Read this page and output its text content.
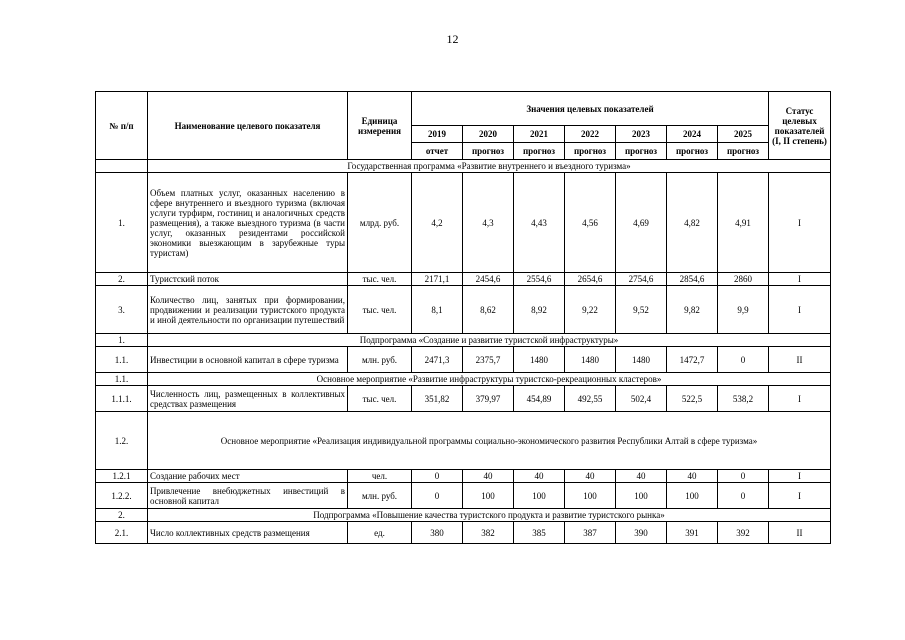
12
№ п/п	Наименование целевого показателя	Единица измерения	Значения целевых показателей							Статус целевых показателей (I, II степень)
			2019	2020	2021	2022	2023	2024	2025	
			отчет	прогноз	прогноз	прогноз	прогноз	прогноз	прогноз	
	Государственная программа «Развитие внутреннего и въездного туризма»									
1.	Объем платных услуг, оказанных населению в сфере внутреннего и въездного туризма (включая услуги турфирм, гостиниц и аналогичных средств размещения), а также выездного туризма (в части услуг, оказанных резидентами российской экономики выезжающим в зарубежные туры туристам)	млрд. руб.	4,2	4,3	4,43	4,56	4,69	4,82	4,91	I
2.	Туристский поток	тыс. чел.	2171,1	2454,6	2554,6	2654,6	2754,6	2854,6	2860	I
3.	Количество лиц, занятых при формировании, продвижении и реализации туристского продукта и иной деятельности по организации путешествий	тыс. чел.	8,1	8,62	8,92	9,22	9,52	9,82	9,9	I
1.	Подпрограмма «Создание и развитие туристской инфраструктуры»									
1.1.	Инвестиции в основной капитал в сфере туризма	млн. руб.	2471,3	2375,7	1480	1480	1480	1472,7	0	II
1.1.	Основное мероприятие «Развитие инфраструктуры туристско-рекреационных кластеров»									
1.1.1.	Численность лиц, размещенных в коллективных средствах размещения	тыс. чел.	351,82	379,97	454,89	492,55	502,4	522,5	538,2	I
1.2.	Основное мероприятие «Реализация индивидуальной программы социально-экономического развития Республики Алтай в сфере туризма»									
1.2.1	Создание рабочих мест	чел.	0	40	40	40	40	40	0	I
1.2.2.	Привлечение внебюджетных инвестиций в основной капитал	млн. руб.	0	100	100	100	100	100	0	I
2.	Подпрограмма «Повышение качества туристского продукта и развитие туристского рынка»									
2.1.	Число коллективных средств размещения	ед.	380	382	385	387	390	391	392	II
